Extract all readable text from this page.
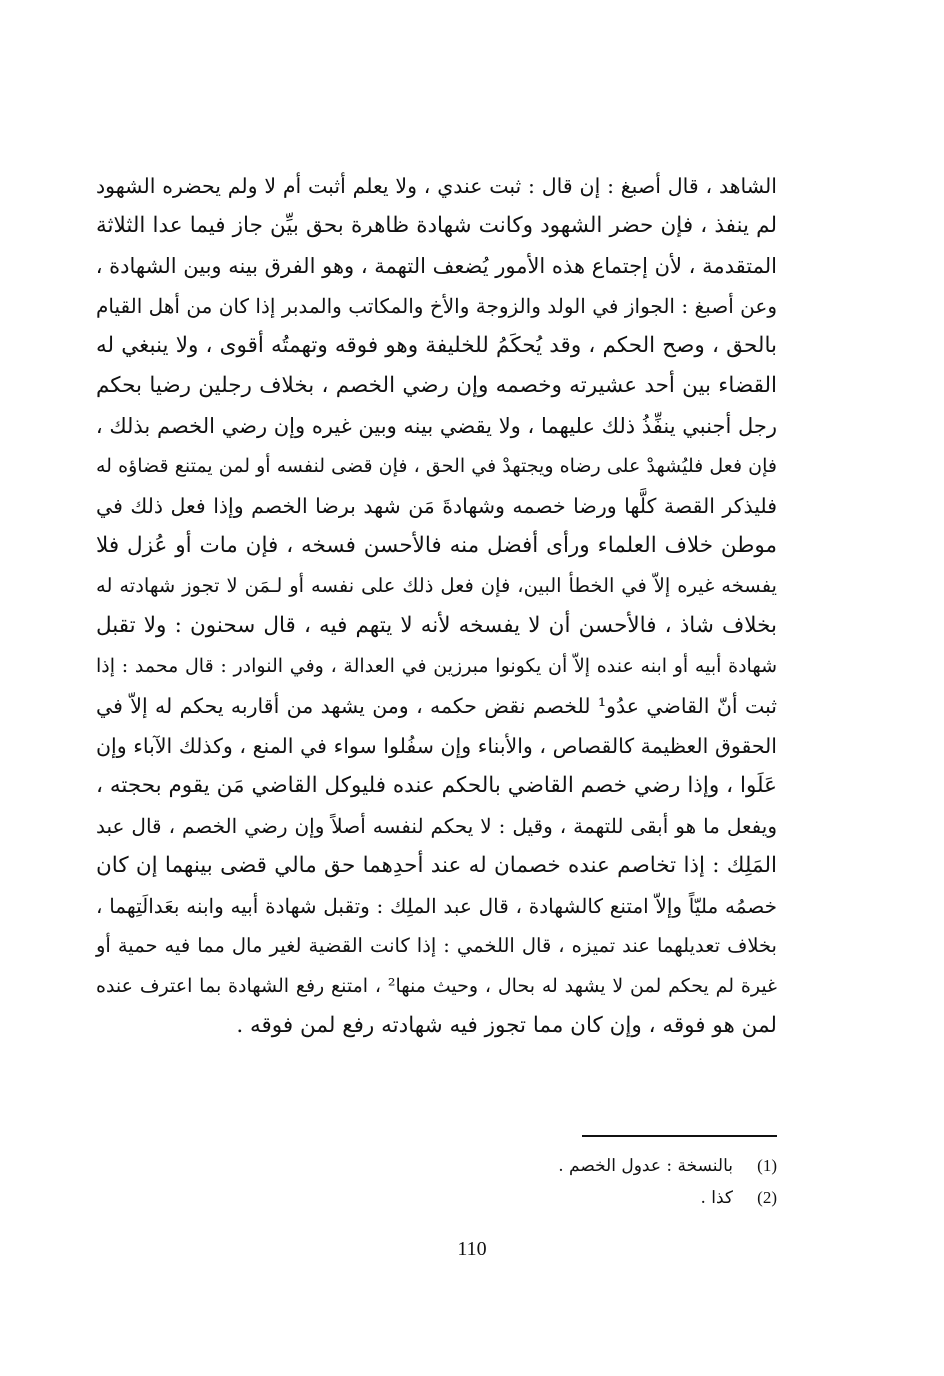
الشاهد ، قال أصبغ : إن قال : ثبت عندي ، ولا يعلم أثبت أم لا ولم يحضره الشهود
لم ينفذ ، فإن حضر الشهود وكانت شهادة ظاهرة بحق بيِّن جاز فيما عدا الثلاثة
المتقدمة ، لأن إجتماع هذه الأمور يُضعف التهمة ، وهو الفرق بينه وبين الشهادة ،
وعن أصبغ : الجواز في الولد والزوجة والأخ والمكاتب والمدبر إذا كان من أهل القيام
بالحق ، وصح الحكم ، وقد يُحكَمُ للخليفة وهو فوقه وتهمتُه أقوى ، ولا ينبغي له
القضاء بين أحد عشيرته وخصمه وإن رضي الخصم ، بخلاف رجلين رضيا بحكم
رجل أجنبي ينفِّذُ ذلك عليهما ، ولا يقضي بينه وبين غيره وإن رضي الخصم بذلك ،
فإن فعل فليُشهدْ على رضاه ويجتهدْ في الحق ، فإن قضى لنفسه أو لمن يمتنع قضاؤه له
فليذكر القصة كلَّها ورضا خصمه وشهادةَ مَن شهد برضا الخصم وإذا فعل ذلك في
موطن خلاف العلماء ورأى أفضل منه فالأحسن فسخه ، فإن مات أو عُزل فلا
يفسخه غيره إلاّ في الخطأ البين، فإن فعل ذلك على نفسه أو لـمَن لا تجوز شهادته له
بخلاف شاذ ، فالأحسن أن لا يفسخه لأنه لا يتهم فيه ، قال سحنون : ولا تقبل
شهادة أبيه أو ابنه عنده إلاّ أن يكونوا مبرزين في العدالة ، وفي النوادر : قال محمد : إذا
ثبت أنّ القاضي عدُو¹ للخصم نقض حكمه ، ومن يشهد من أقاربه يحكم له إلاّ في
الحقوق العظيمة كالقصاص ، والأبناء وإن سفُلوا سواء في المنع ، وكذلك الآباء وإن
عَلَوا ، وإذا رضي خصم القاضي بالحكم عنده فليوكل القاضي مَن يقوم بحجته ،
ويفعل ما هو أبقى للتهمة ، وقيل : لا يحكم لنفسه أصلاً وإن رضي الخصم ، قال عبد
المَلِك : إذا تخاصم عنده خصمان له عند أحدِهما حق مالي قضى بينهما إن كان
خصمُه مليّاً وإلاّ امتنع كالشهادة ، قال عبد الملِك : وتقبل شهادة أبيه وابنه بعَدالَتِهما ،
بخلاف تعديلهما عند تميزه ، قال اللخمي : إذا كانت القضية لغير مال مما فيه حمية أو
غيرة لم يحكم لمن لا يشهد له بحال ، وحيث منها² ، امتنع رفع الشهادة بما اعترف عنده
لمن هو فوقه ، وإن كان مما تجوز فيه شهادته رفع لمن فوقه .
(1)
بالنسخة : عدول الخصم .
(2)
كذا .
110
